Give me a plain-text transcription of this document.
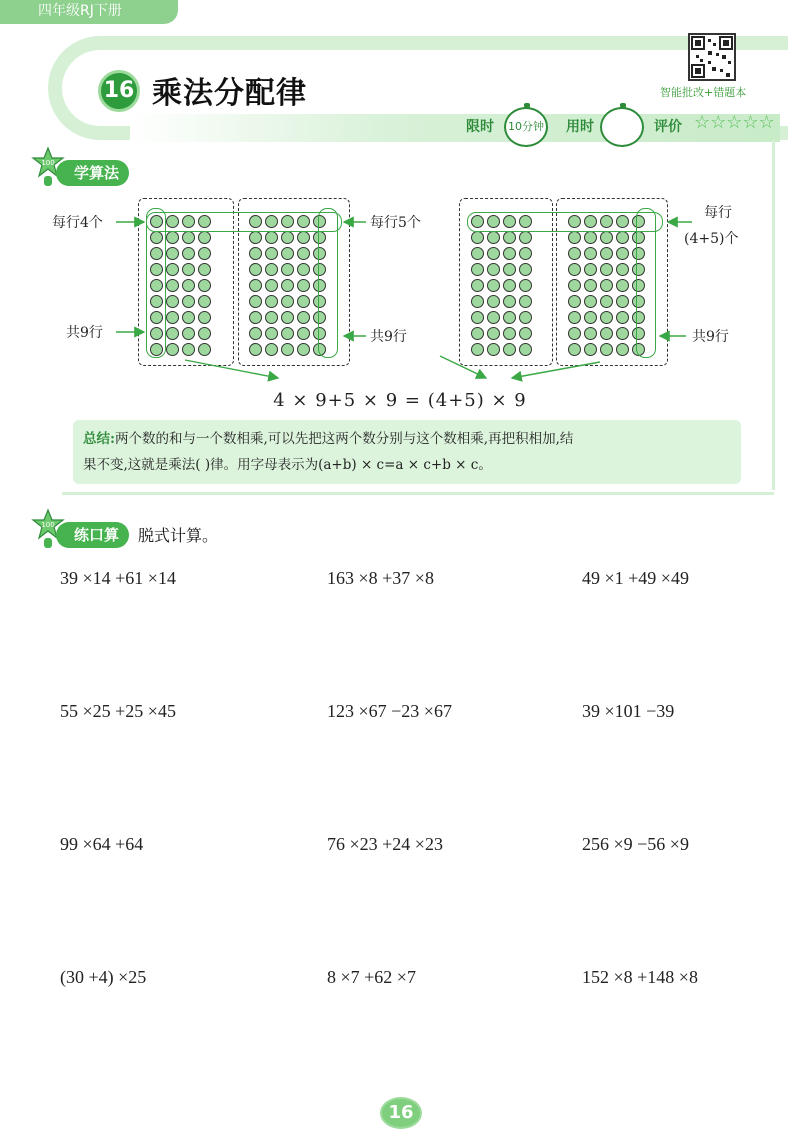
四年级RJ下册
16 乘法分配律	智能批改+错题本
限时	10分钟 用时	评价 ☆☆☆☆☆
100
学算法
每行4个
共9行
每行5个
共9行
每行
(4+5)个
共9行
4 × 9+5 × 9 = (4+5) × 9
总结:两个数的和与一个数相乘,可以先把这两个数分别与这个数相乘,再把积相加,结
果不变,这就是乘法( )律。用字母表示为(a+b) × c=a × c+b × c。
100
练口算	脱式计算。
39 ×14 +61 ×14	163 ×8 +37 ×8	49 ×1 +49 ×49
55 ×25 +25 ×45	123 ×67 −23 ×67	39 ×101 −39
99 ×64 +64	76 ×23 +24 ×23	256 ×9 −56 ×9
(30 +4) ×25	8 ×7 +62 ×7	152 ×8 +148 ×8
16
